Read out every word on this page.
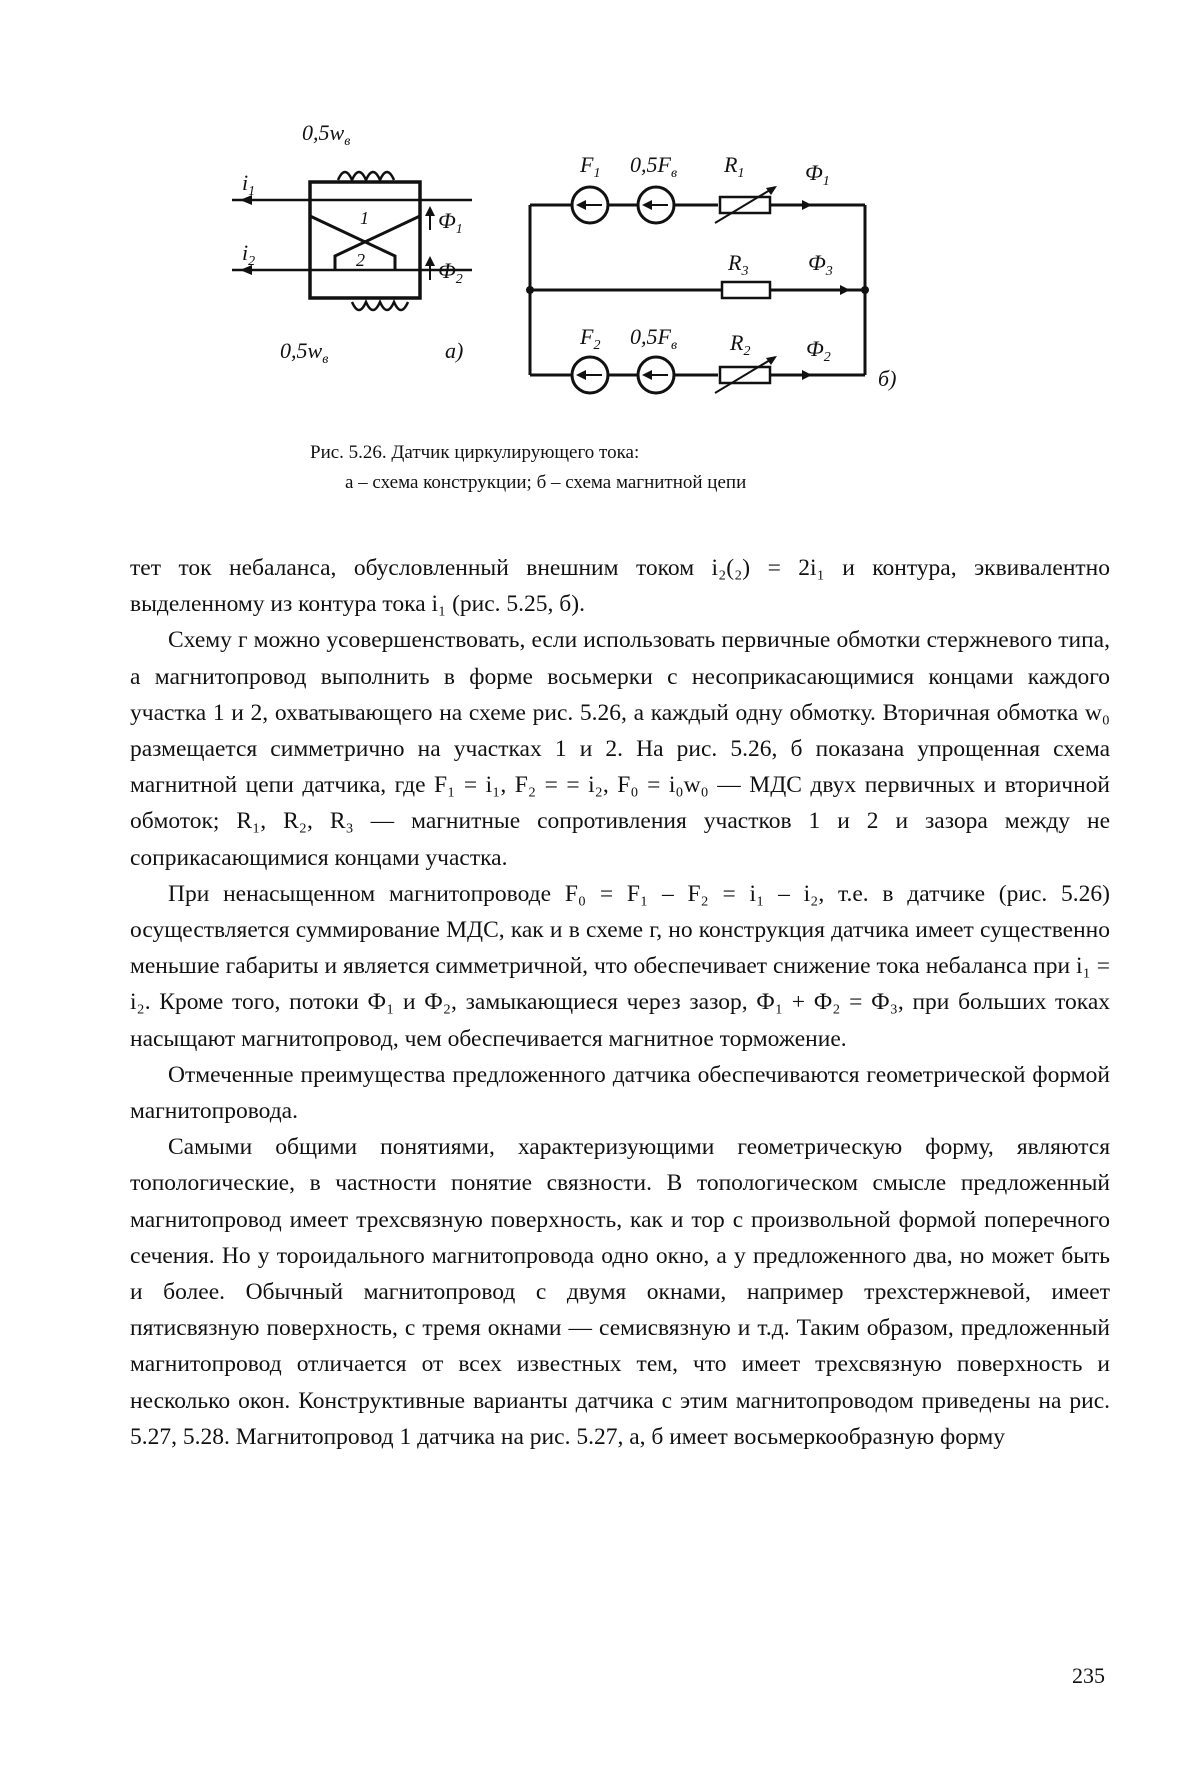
$0,5w_в$
$i_1$
$i_2$
1
2
$Ф_1$
$Ф_2$
$0,5w_в$	а)
$F_1$ $0,5F_в$ $R_1$	$Ф_1$
$R_3$	$Ф_3$
$F_2$ $0,5F_в$ $R_2$	$Ф_2$
б)
Рис. 5.26. Датчик циркулирующего тока:
а – схема конструкции; б – схема магнитной цепи

тет ток небаланса, обусловленный внешним током i₂(₂) = 2i₁ и контура, эквивалентно выделенному из контура тока i₁ (рис. 5.25, б).

Схему г можно усовершенствовать, если использовать первичные обмотки стержневого типа, а магнитопровод выполнить в форме восьмерки с несоприкасающимися концами каждого участка 1 и 2, охватывающего на схеме рис. 5.26, а каждый одну обмотку. Вторичная обмотка w₀ размещается симметрично на участках 1 и 2. На рис. 5.26, б показана упрощенная схема магнитной цепи датчика, где F₁ = i₁, F₂ = = i₂, F₀ = i₀w₀ — МДС двух первичных и вторичной обмоток; R₁, R₂, R₃ — магнитные сопротивления участков 1 и 2 и зазора между не соприкасающимися концами участка.

При ненасыщенном магнитопроводе F₀ = F₁ – F₂ = i₁ – i₂, т.е. в датчике (рис. 5.26) осуществляется суммирование МДС, как и в схеме г, но конструкция датчика имеет существенно меньшие габариты и является симметричной, что обеспечивает снижение тока небаланса при i₁ = i₂. Кроме того, потоки Ф₁ и Ф₂, замыкающиеся через зазор, Ф₁ + Ф₂ = Ф₃, при больших токах насыщают магнитопровод, чем обеспечивается магнитное торможение.

Отмеченные преимущества предложенного датчика обеспечиваются геометрической формой магнитопровода.

Самыми общими понятиями, характеризующими геометрическую форму, являются топологические, в частности понятие связности. В топологическом смысле предложенный магнитопровод имеет трехсвязную поверхность, как и тор с произвольной формой поперечного сечения. Но у тороидального магнитопровода одно окно, а у предложенного два, но может быть и более. Обычный магнитопровод с двумя окнами, например трехстержневой, имеет пятисвязную поверхность, с тремя окнами — семисвязную и т.д. Таким образом, предложенный магнитопровод отличается от всех известных тем, что имеет трехсвязную поверхность и несколько окон. Конструктивные варианты датчика с этим магнитопроводом приведены на рис. 5.27, 5.28. Магнитопровод 1 датчика на рис. 5.27, а, б имеет восьмеркообразную форму

235
